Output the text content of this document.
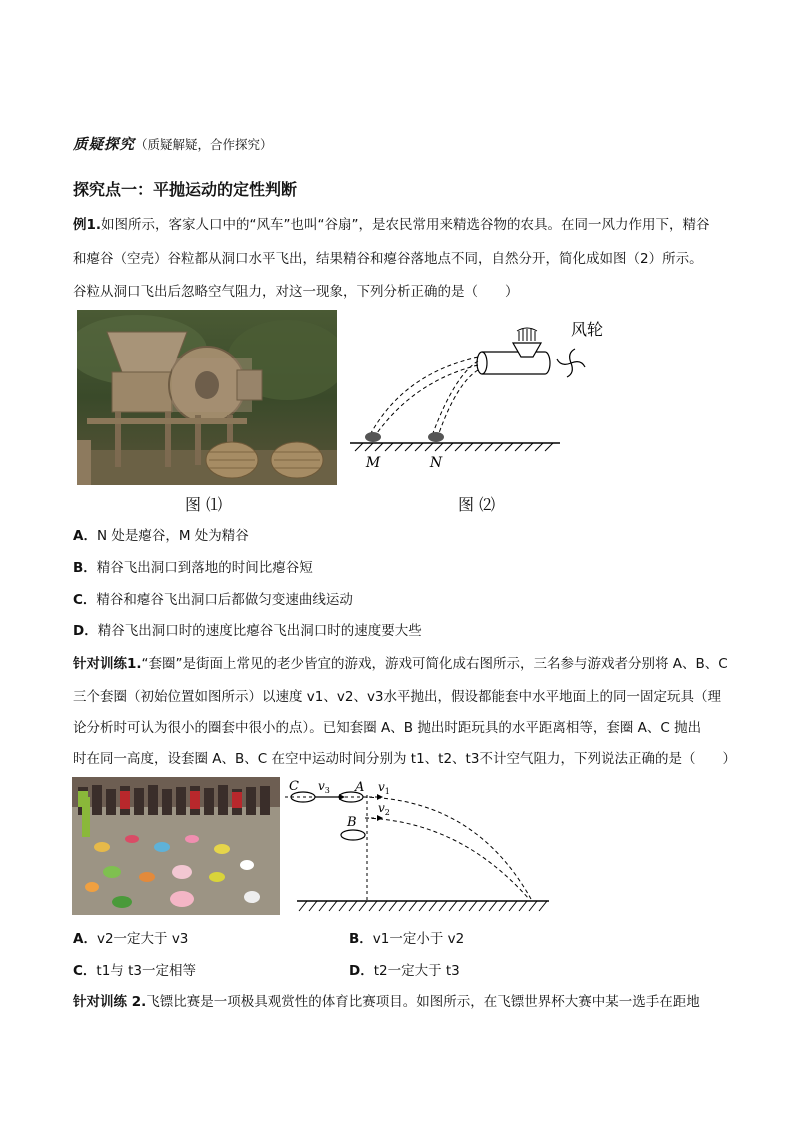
质疑探究（质疑解疑，合作探究）
探究点一：平抛运动的定性判断
例1.如图所示，客家人口中的“风车”也叫“谷扇”，是农民常用来精选谷物的农具。在同一风力作用下，精谷
和瘪谷（空壳）谷粒都从洞口水平飞出，结果精谷和瘪谷落地点不同，自然分开，简化成如图（2）所示。
谷粒从洞口飞出后忽略空气阻力，对这一现象，下列分析正确的是（　　）
图 ⑴
M	N
风轮
图 ⑵
A．N 处是瘪谷，M 处为精谷
B．精谷飞出洞口到落地的时间比瘪谷短
C．精谷和瘪谷飞出洞口后都做匀变速曲线运动
D．精谷飞出洞口时的速度比瘪谷飞出洞口时的速度要大些
针对训练1.“套圈”是街面上常见的老少皆宜的游戏，游戏可简化成右图所示，三名参与游戏者分别将 A、B、C
三个套圈（初始位置如图所示）以速度 v1、v2、v3水平抛出，假设都能套中水平地面上的同一固定玩具（理
论分析时可认为很小的圈套中很小的点）。已知套圈 A、B 抛出时距玩具的水平距离相等，套圈 A、C 抛出
时在同一高度，设套圈 A、B、C 在空中运动时间分别为 t1、t2、t3不计空气阻力，下列说法正确的是（　　）
C $v_3$ A $v_1$
B
$v_2$
A．v2一定大于 v3	B．v1一定小于 v2
C．t1与 t3一定相等	D．t2一定大于 t3
针对训练 2.飞镖比赛是一项极具观赏性的体育比赛项目。如图所示，在飞镖世界杯大赛中某一选手在距地
